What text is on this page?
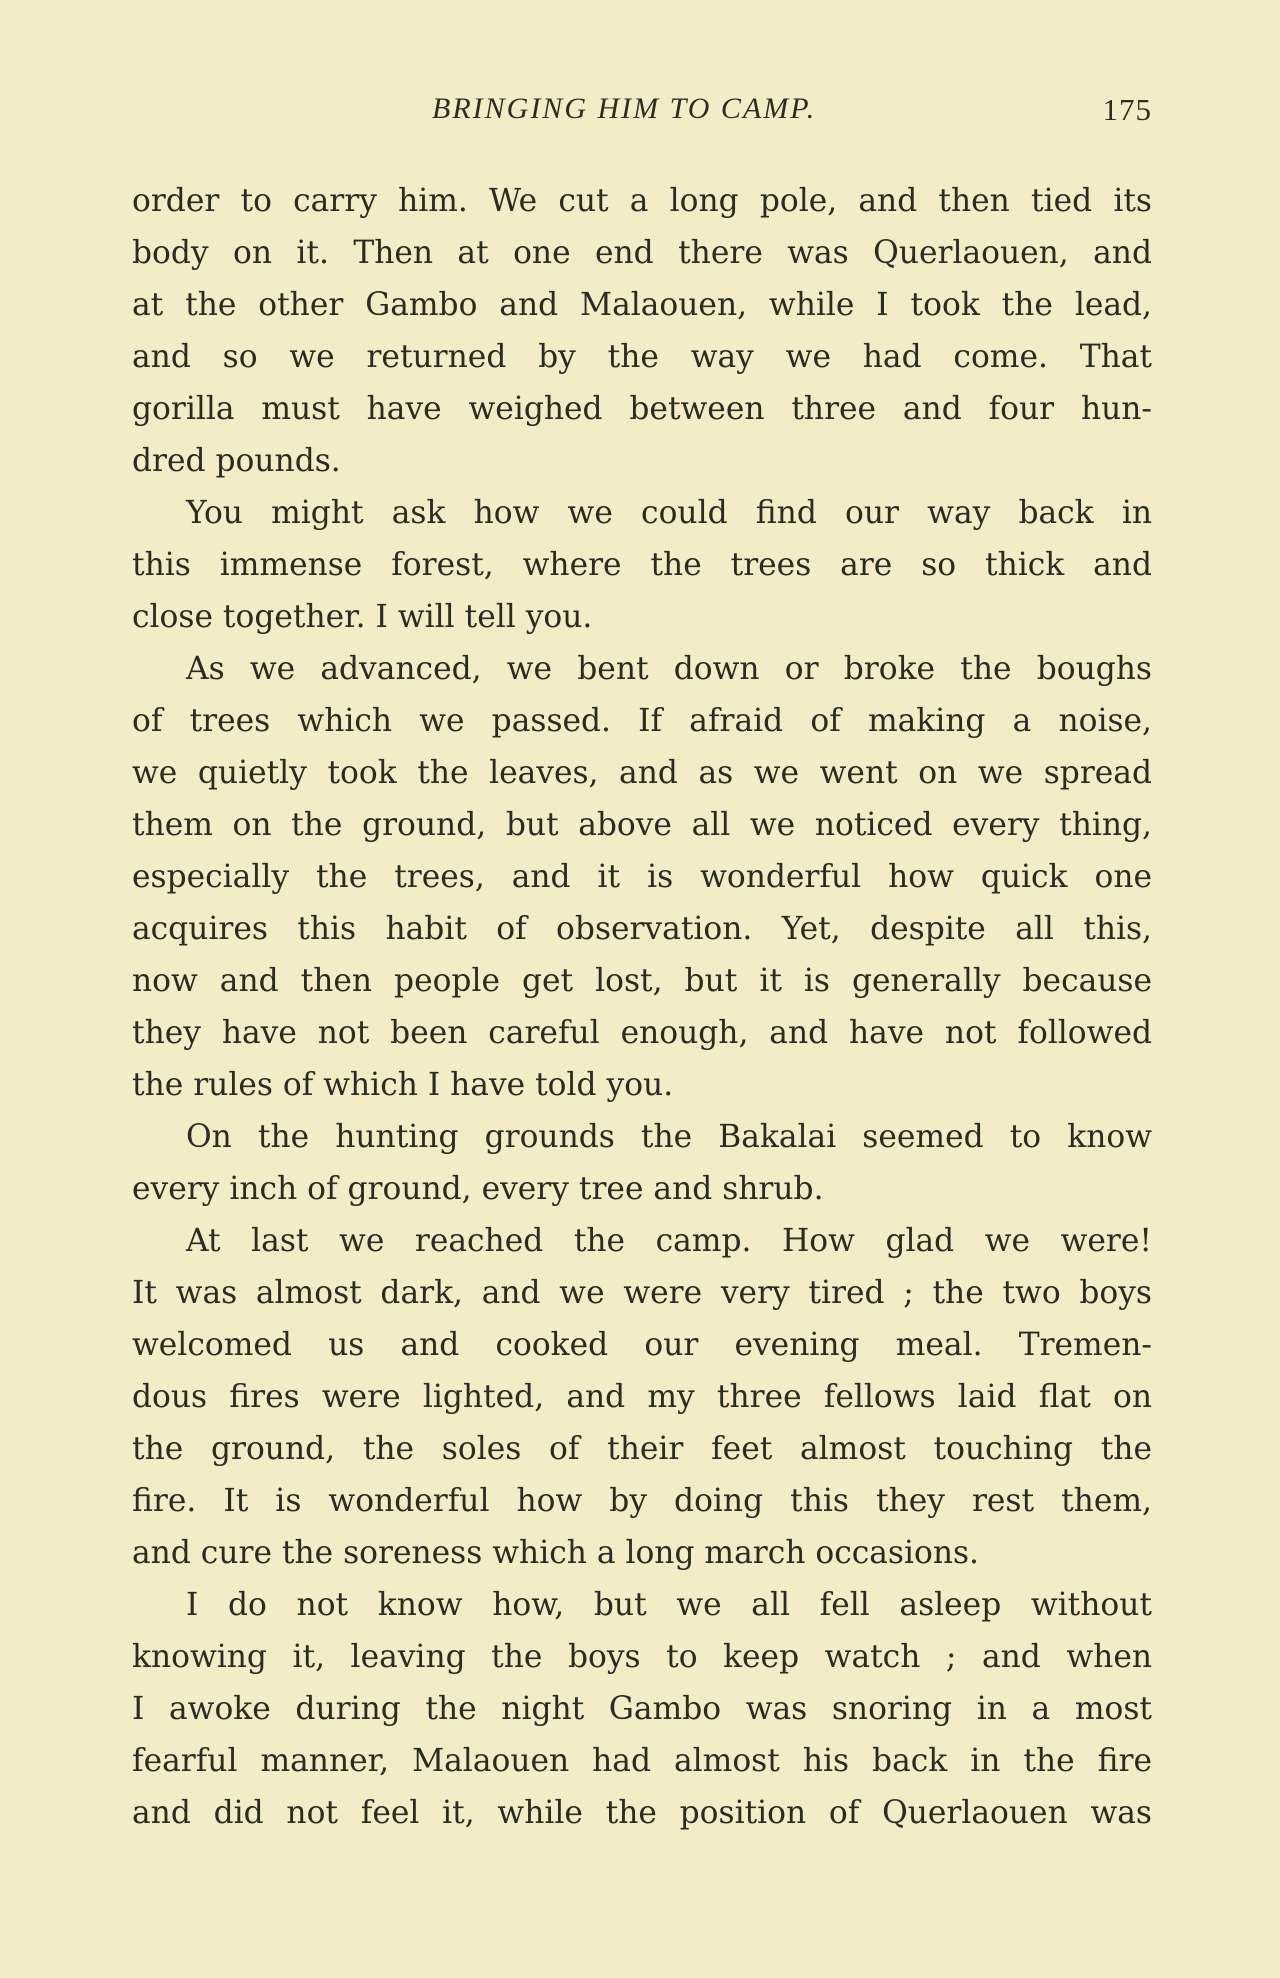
BRINGING HIM TO CAMP.	175
order to carry him. We cut a long pole, and then tied its
body on it. Then at one end there was Querlaouen, and
at the other Gambo and Malaouen, while I took the lead,
and so we returned by the way we had come. That
gorilla must have weighed between three and four hun-
dred pounds.
You might ask how we could find our way back in
this immense forest, where the trees are so thick and
close together. I will tell you.
As we advanced, we bent down or broke the boughs
of trees which we passed. If afraid of making a noise,
we quietly took the leaves, and as we went on we spread
them on the ground, but above all we noticed every thing,
especially the trees, and it is wonderful how quick one
acquires this habit of observation. Yet, despite all this,
now and then people get lost, but it is generally because
they have not been careful enough, and have not followed
the rules of which I have told you.
On the hunting grounds the Bakalai seemed to know
every inch of ground, every tree and shrub.
At last we reached the camp. How glad we were!
It was almost dark, and we were very tired ; the two boys
welcomed us and cooked our evening meal. Tremen-
dous fires were lighted, and my three fellows laid flat on
the ground, the soles of their feet almost touching the
fire. It is wonderful how by doing this they rest them,
and cure the soreness which a long march occasions.
I do not know how, but we all fell asleep without
knowing it, leaving the boys to keep watch ; and when
I awoke during the night Gambo was snoring in a most
fearful manner, Malaouen had almost his back in the fire
and did not feel it, while the position of Querlaouen was
